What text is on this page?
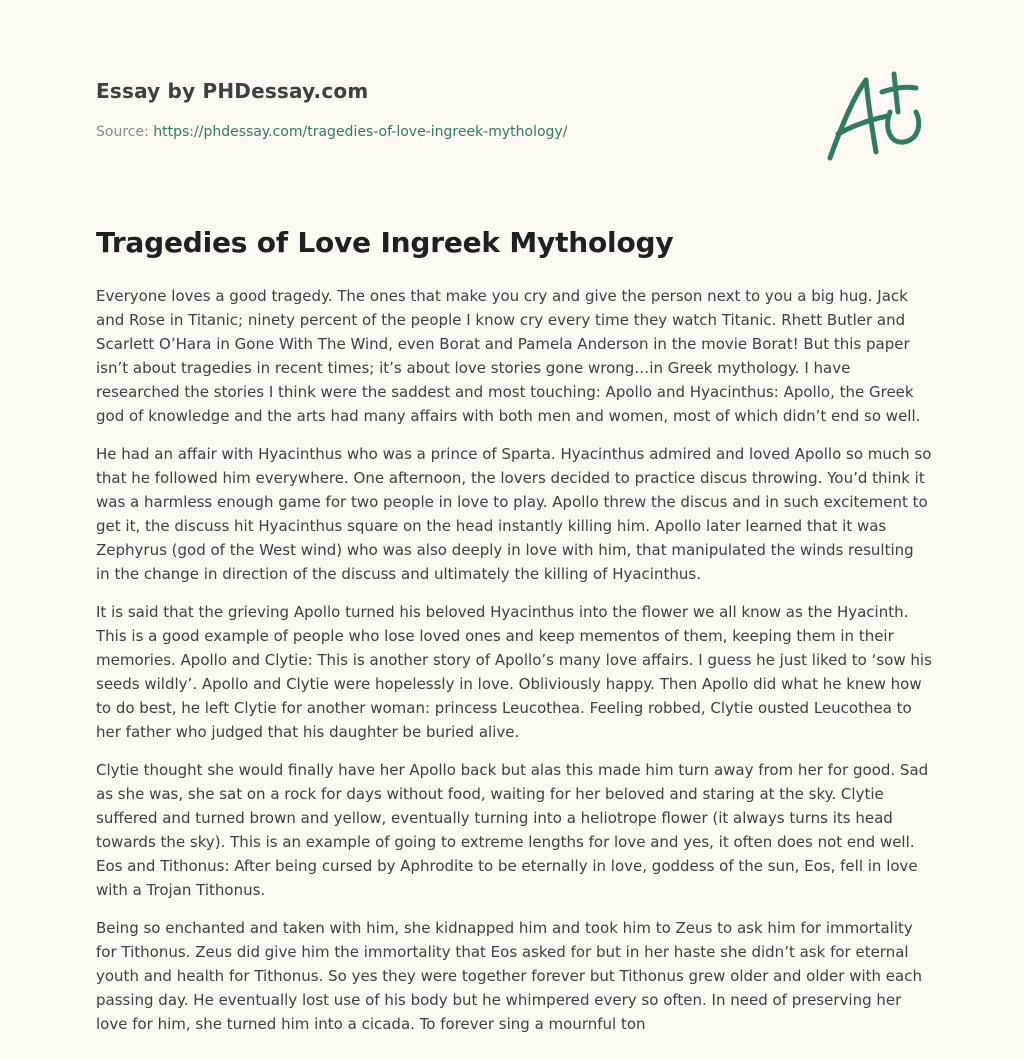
Essay by PHDessay.com
Source: https://phdessay.com/tragedies-of-love-ingreek-mythology/
Tragedies of Love Ingreek Mythology

Everyone loves a good tragedy. The ones that make you cry and give the person next to you a big hug. Jack and Rose in Titanic; ninety percent of the people I know cry every time they watch Titanic. Rhett Butler and Scarlett O’Hara in Gone With The Wind, even Borat and Pamela Anderson in the movie Borat! But this paper isn’t about tragedies in recent times; it’s about love stories gone wrong…in Greek mythology. I have researched the stories I think were the saddest and most touching: Apollo and Hyacinthus: Apollo, the Greek god of knowledge and the arts had many affairs with both men and women, most of which didn’t end so well.

He had an affair with Hyacinthus who was a prince of Sparta. Hyacinthus admired and loved Apollo so much so that he followed him everywhere. One afternoon, the lovers decided to practice discus throwing. You’d think it was a harmless enough game for two people in love to play. Apollo threw the discus and in such excitement to get it, the discuss hit Hyacinthus square on the head instantly killing him. Apollo later learned that it was Zephyrus (god of the West wind) who was also deeply in love with him, that manipulated the winds resulting in the change in direction of the discuss and ultimately the killing of Hyacinthus.

It is said that the grieving Apollo turned his beloved Hyacinthus into the flower we all know as the Hyacinth. This is a good example of people who lose loved ones and keep mementos of them, keeping them in their memories. Apollo and Clytie: This is another story of Apollo’s many love affairs. I guess he just liked to ‘sow his seeds wildly’. Apollo and Clytie were hopelessly in love. Obliviously happy. Then Apollo did what he knew how to do best, he left Clytie for another woman: princess Leucothea. Feeling robbed, Clytie ousted Leucothea to her father who judged that his daughter be buried alive.

Clytie thought she would finally have her Apollo back but alas this made him turn away from her for good. Sad as she was, she sat on a rock for days without food, waiting for her beloved and staring at the sky. Clytie suffered and turned brown and yellow, eventually turning into a heliotrope flower (it always turns its head towards the sky). This is an example of going to extreme lengths for love and yes, it often does not end well. Eos and Tithonus: After being cursed by Aphrodite to be eternally in love, goddess of the sun, Eos, fell in love with a Trojan Tithonus.

Being so enchanted and taken with him, she kidnapped him and took him to Zeus to ask him for immortality for Tithonus. Zeus did give him the immortality that Eos asked for but in her haste she didn’t ask for eternal youth and health for Tithonus. So yes they were together forever but Tithonus grew older and older with each passing day. He eventually lost use of his body but he whimpered every so often. In need of preserving her love for him, she turned him into a cicada. To forever sing a mournful ton
